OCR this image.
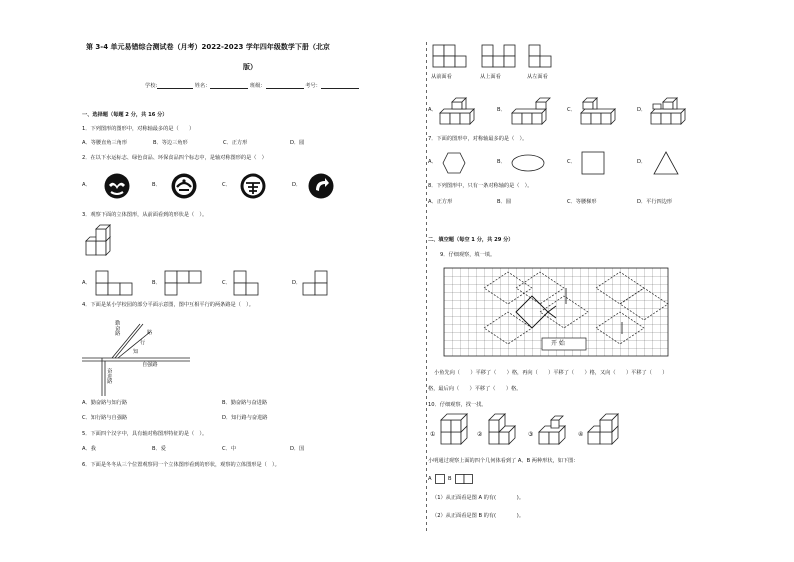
第 3-4 单元易错综合测试卷（月考）2022-2023 学年四年级数学下册（北京
版）
学校:	姓名：	班级：	考号：
一、选择题（每题 2 分，共 16 分）
1．下列图形的图形中，对称轴最多的是（　　）
A．等腰直角三角形	B．等边三角形	C．正方形	D．圆
2．在以下水运标志、绿色食品、环保食品四个标志中，是轴对称图形的是（　）
A．	B．	C．	D．
3．观察下面的立体图形，从前面看到的形状是（　）。
A．	B．	C．	D．
4．下面是某小学校园的部分平面示意图，图中互相平行的两条路是（　）。
勤奋路	路
行
知
自强路
奋进路
A．勤奋路与知行路	B．勤奋路与奋进路
C．知行路与自强路	D．知行路与奋进路
5．下面四个汉字中，具有轴对称图形特征的是（　）。
A．我	B．爱	C．中	D．国
6．下面是冬冬从三个位置观察同一个立体图形看到的形状，观察的立体图形是（　）。
从前面看	从上面看	从左面看
A．	B．	C．	D．
7．下面的图形中，对称轴最多的是（　）。
A．	B．	C．	D．
8．下列图形中，只有一条对称轴的是（　）。
A．正方形	B．圆	C．等腰梯形	D．平行四边形
二、填空题（每空 1 分，共 29 分）
9．仔细观察，填一填。
开 始
小鱼先向（　　）平移了（　　）格，再向（　　）平移了（　　）格，又向（　　）平移了（　　）
格，最后向（　　）平移了（　　）格。
10．仔细观察，找一找。
①	②	③	④
小明通过观察上面的四个几何体看到了 A、B 两种形状，如下图：
A	B
（1）从正面看是图 A 的有(　　　　)。
（2）从正面看是图 B 的有(　　　　)。
